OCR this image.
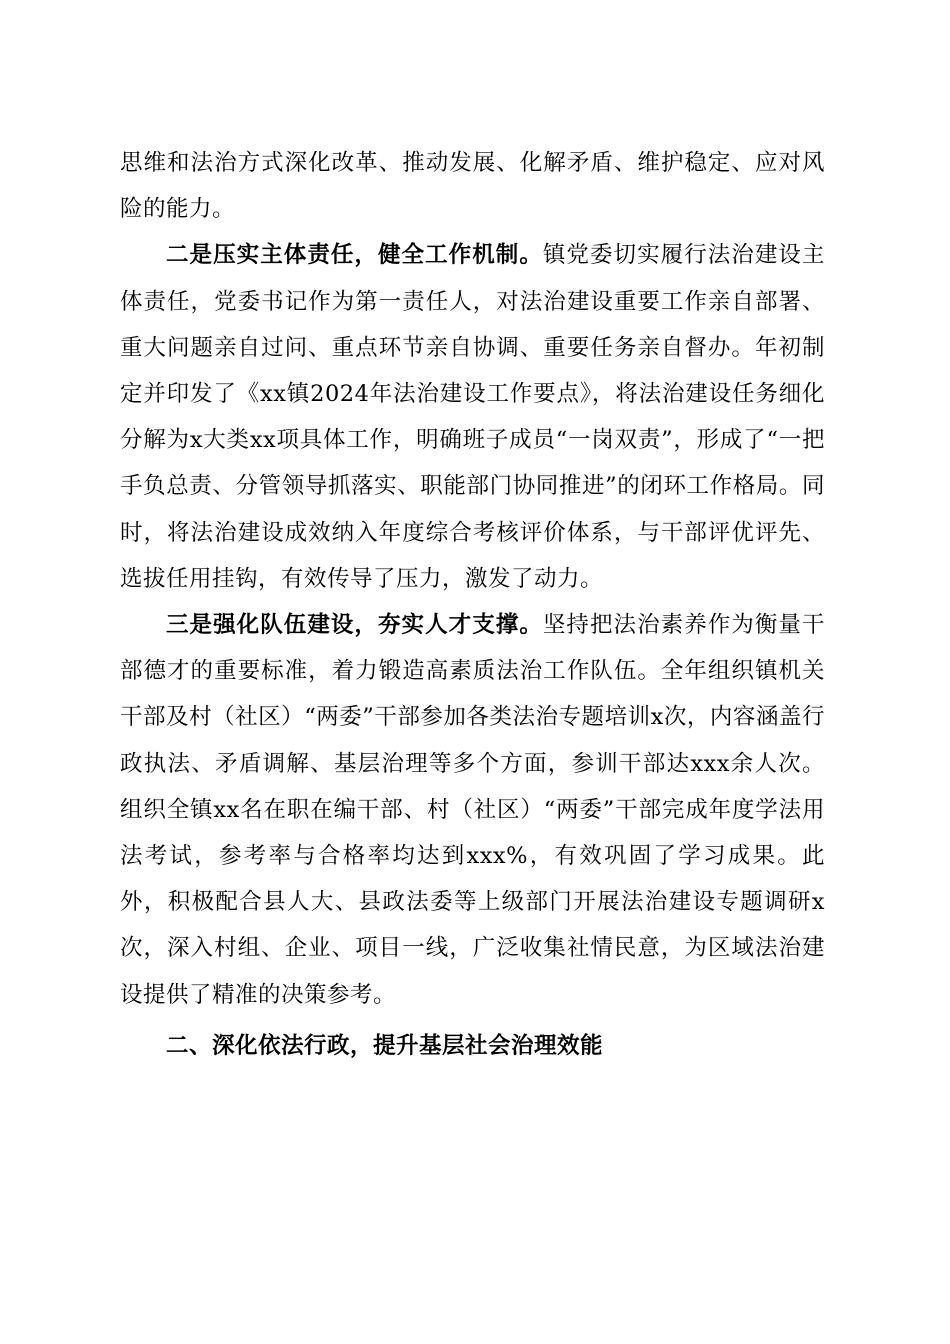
思维和法治方式深化改革、推动发展、化解矛盾、维护稳定、应对风险的能力。

二是压实主体责任，健全工作机制。镇党委切实履行法治建设主体责任，党委书记作为第一责任人，对法治建设重要工作亲自部署、重大问题亲自过问、重点环节亲自协调、重要任务亲自督办。年初制定并印发了《xx镇2024年法治建设工作要点》，将法治建设任务细化分解为x大类xx项具体工作，明确班子成员“一岗双责”，形成了“一把手负总责、分管领导抓落实、职能部门协同推进”的闭环工作格局。同时，将法治建设成效纳入年度综合考核评价体系，与干部评优评先、选拔任用挂钩，有效传导了压力，激发了动力。

三是强化队伍建设，夯实人才支撑。坚持把法治素养作为衡量干部德才的重要标准，着力锻造高素质法治工作队伍。全年组织镇机关干部及村（社区）“两委”干部参加各类法治专题培训x次，内容涵盖行政执法、矛盾调解、基层治理等多个方面，参训干部达xxx余人次。组织全镇xx名在职在编干部、村（社区）“两委”干部完成年度学法用法考试，参考率与合格率均达到xxx%，有效巩固了学习成果。此外，积极配合县人大、县政法委等上级部门开展法治建设专题调研x次，深入村组、企业、项目一线，广泛收集社情民意，为区域法治建设提供了精准的决策参考。

二、深化依法行政，提升基层社会治理效能
